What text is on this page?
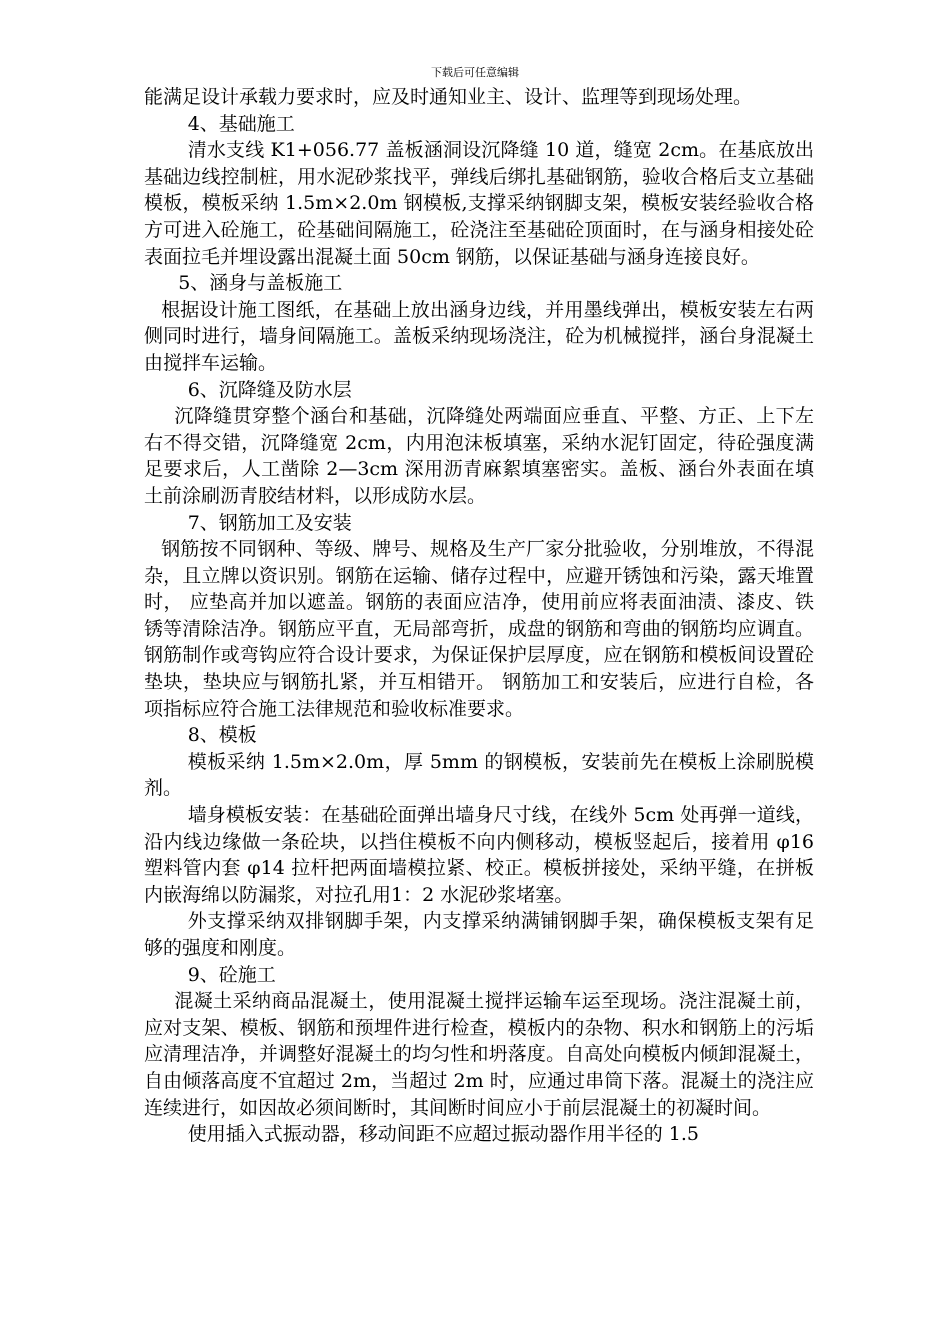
下载后可任意编辑

能满足设计承载力要求时，应及时通知业主、设计、监理等到现场处理。

4、基础施工

清水支线 K1+056.77 盖板涵洞设沉降缝 10 道，缝宽 2cm。在基底放出基础边线控制桩，用水泥砂浆找平，弹线后绑扎基础钢筋，验收合格后支立基础模板，模板采纳 1.5m×2.0m 钢模板,支撑采纳钢脚支架，模板安装经验收合格方可进入砼施工，砼基础间隔施工，砼浇注至基础砼顶面时，在与涵身相接处砼表面拉毛并埋设露出混凝土面 50cm 钢筋，以保证基础与涵身连接良好。

5、涵身与盖板施工

根据设计施工图纸，在基础上放出涵身边线，并用墨线弹出，模板安装左右两侧同时进行，墙身间隔施工。盖板采纳现场浇注，砼为机械搅拌，涵台身混凝土由搅拌车运输。

6、沉降缝及防水层

沉降缝贯穿整个涵台和基础，沉降缝处两端面应垂直、平整、方正、上下左右不得交错，沉降缝宽 2cm，内用泡沫板填塞，采纳水泥钉固定，待砼强度满足要求后，人工凿除 2—3cm 深用沥青麻絮填塞密实。盖板、涵台外表面在填土前涂刷沥青胶结材料，以形成防水层。

7、钢筋加工及安装

钢筋按不同钢种、等级、牌号、规格及生产厂家分批验收，分别堆放，不得混杂，且立牌以资识别。钢筋在运输、储存过程中，应避开锈蚀和污染，露天堆置时， 应垫高并加以遮盖。钢筋的表面应洁净，使用前应将表面油渍、漆皮、铁锈等清除洁净。钢筋应平直，无局部弯折，成盘的钢筋和弯曲的钢筋均应调直。钢筋制作或弯钩应符合设计要求，为保证保护层厚度，应在钢筋和模板间设置砼垫块，垫块应与钢筋扎紧，并互相错开。 钢筋加工和安装后，应进行自检，各项指标应符合施工法律规范和验收标准要求。

8、模板

模板采纳 1.5m×2.0m，厚 5mm 的钢模板，安装前先在模板上涂刷脱模剂。

墙身模板安装：在基础砼面弹出墙身尺寸线，在线外 5cm 处再弹一道线，沿内线边缘做一条砼块，以挡住模板不向内侧移动，模板竖起后，接着用 φ16 塑料管内套 φ14 拉杆把两面墙模拉紧、校正。模板拼接处，采纳平缝，在拼板内嵌海绵以防漏浆，对拉孔用1：2 水泥砂浆堵塞。

外支撑采纳双排钢脚手架，内支撑采纳满铺钢脚手架，确保模板支架有足够的强度和刚度。

9、砼施工

混凝土采纳商品混凝土，使用混凝土搅拌运输车运至现场。浇注混凝土前，应对支架、模板、钢筋和预埋件进行检查，模板内的杂物、积水和钢筋上的污垢应清理洁净，并调整好混凝土的均匀性和坍落度。自高处向模板内倾卸混凝土，自由倾落高度不宜超过 2m，当超过 2m 时，应通过串筒下落。混凝土的浇注应连续进行，如因故必须间断时，其间断时间应小于前层混凝土的初凝时间。

使用插入式振动器，移动间距不应超过振动器作用半径的 1.5
